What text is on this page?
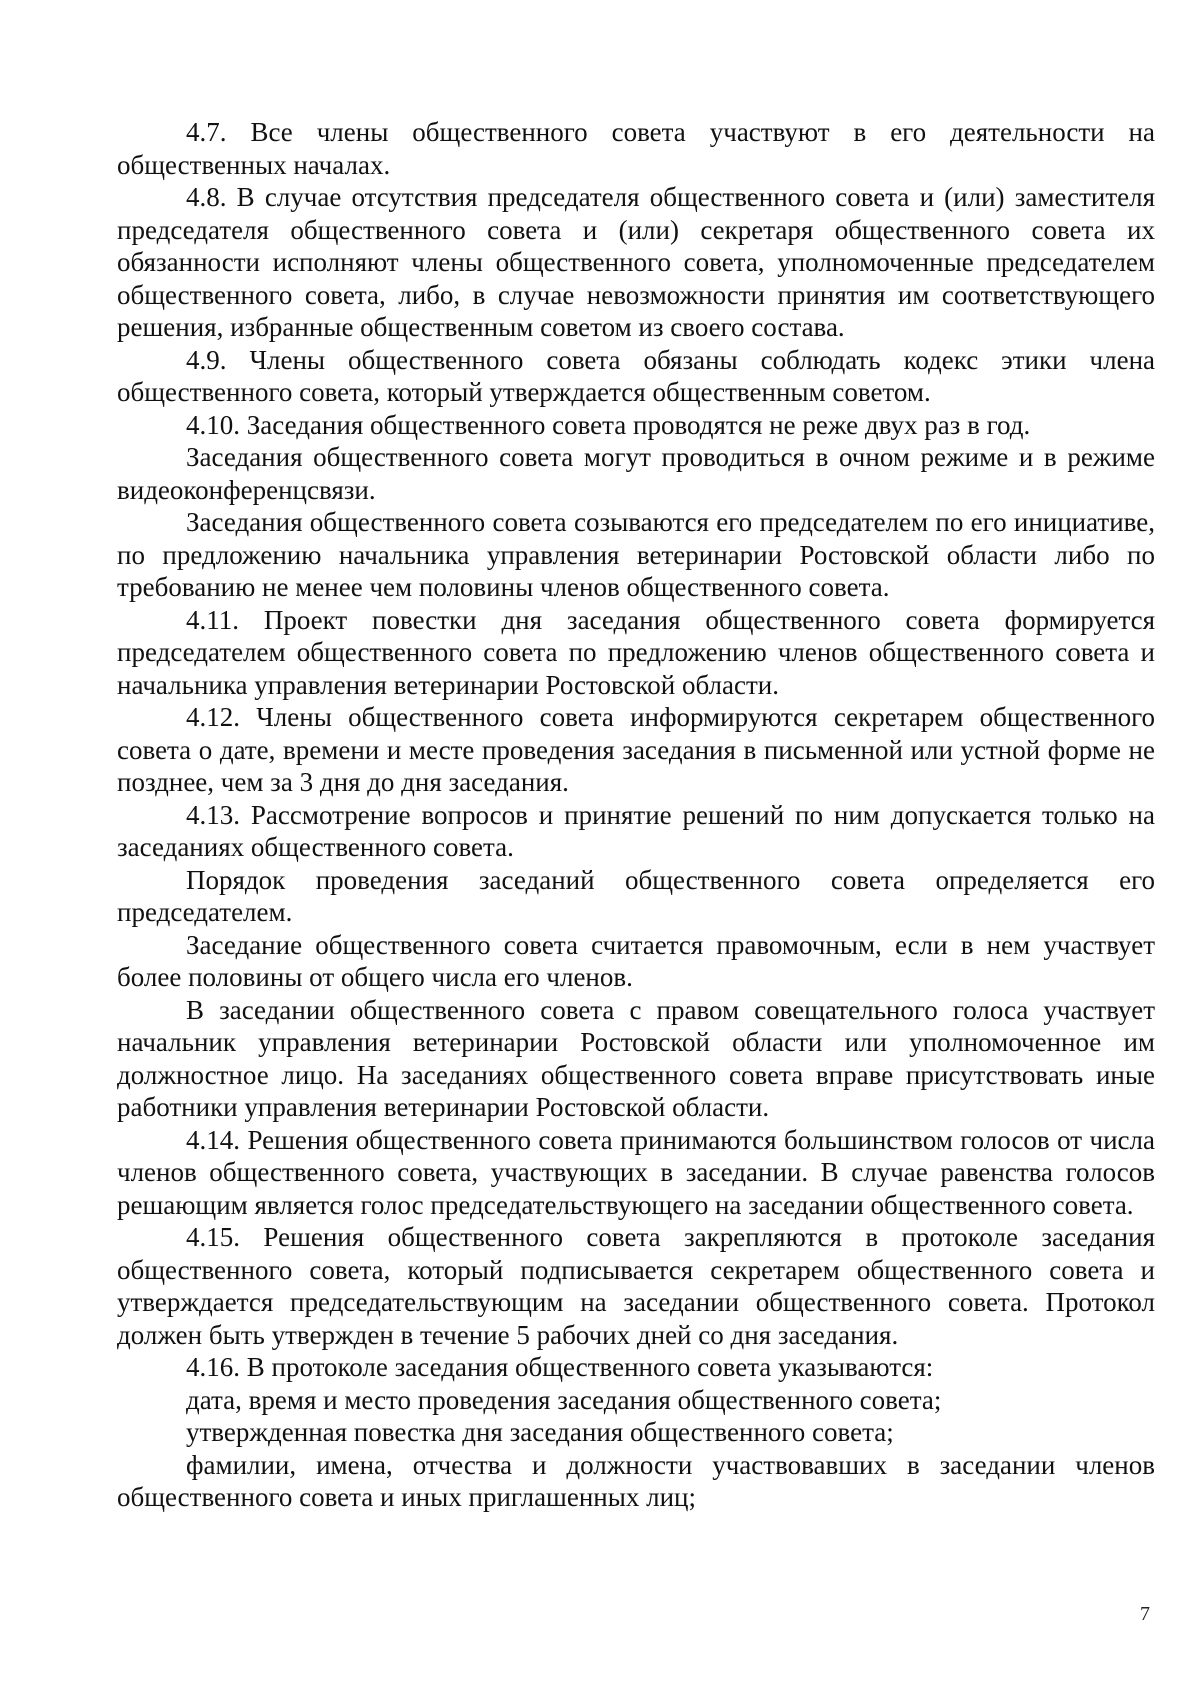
4.7. Все члены общественного совета участвуют в его деятельности на общественных началах.

4.8. В случае отсутствия председателя общественного совета и (или) заместителя председателя общественного совета и (или) секретаря общественного совета их обязанности исполняют члены общественного совета, уполномоченные председателем общественного совета, либо, в случае невозможности принятия им соответствующего решения, избранные общественным советом из своего состава.

4.9. Члены общественного совета обязаны соблюдать кодекс этики члена общественного совета, который утверждается общественным советом.

4.10. Заседания общественного совета проводятся не реже двух раз в год.

Заседания общественного совета могут проводиться в очном режиме и в режиме видеоконференцсвязи.

Заседания общественного совета созываются его председателем по его инициативе, по предложению начальника управления ветеринарии Ростовской области либо по требованию не менее чем половины членов общественного совета.

4.11. Проект повестки дня заседания общественного совета формируется председателем общественного совета по предложению членов общественного совета и начальника управления ветеринарии Ростовской области.

4.12. Члены общественного совета информируются секретарем общественного совета о дате, времени и месте проведения заседания в письменной или устной форме не позднее, чем за 3 дня до дня заседания.

4.13. Рассмотрение вопросов и принятие решений по ним допускается только на заседаниях общественного совета.

Порядок проведения заседаний общественного совета определяется его председателем.

Заседание общественного совета считается правомочным, если в нем участвует более половины от общего числа его членов.

В заседании общественного совета с правом совещательного голоса участвует начальник управления ветеринарии Ростовской области или уполномоченное им должностное лицо. На заседаниях общественного совета вправе присутствовать иные работники управления ветеринарии Ростовской области.

4.14. Решения общественного совета принимаются большинством голосов от числа членов общественного совета, участвующих в заседании. В случае равенства голосов решающим является голос председательствующего на заседании общественного совета.

4.15. Решения общественного совета закрепляются в протоколе заседания общественного совета, который подписывается секретарем общественного совета и утверждается председательствующим на заседании общественного совета. Протокол должен быть утвержден в течение 5 рабочих дней со дня заседания.

4.16. В протоколе заседания общественного совета указываются:

дата, время и место проведения заседания общественного совета;

утвержденная повестка дня заседания общественного совета;

фамилии, имена, отчества и должности участвовавших в заседании членов общественного совета и иных приглашенных лиц;

7
